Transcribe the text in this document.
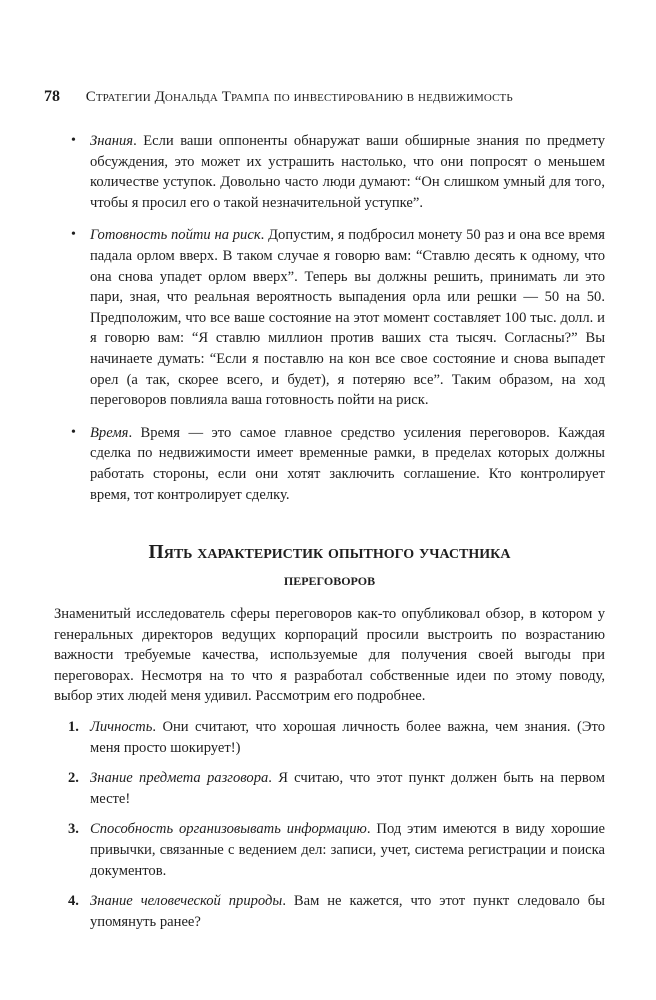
78 Стратегии Дональда Трампа по инвестированию в недвижимость
• Знания. Если ваши оппоненты обнаружат ваши обширные знания по предмету обсуждения, это может их устрашить настолько, что они попросят о меньшем количестве уступок. Довольно часто люди думают: “Он слишком умный для того, чтобы я просил его о такой незначительной уступке”.
• Готовность пойти на риск. Допустим, я подбросил монету 50 раз и она все время падала орлом вверх. В таком случае я говорю вам: “Ставлю десять к одному, что она снова упадет орлом вверх”. Теперь вы должны решить, принимать ли это пари, зная, что реальная вероятность выпадения орла или решки — 50 на 50. Предположим, что все ваше состояние на этот момент составляет 100 тыс. долл. и я говорю вам: “Я ставлю миллион против ваших ста тысяч. Согласны?” Вы начинаете думать: “Если я поставлю на кон все свое состояние и снова выпадет орел (а так, скорее всего, и будет), я потеряю все”. Таким образом, на ход переговоров повлияла ваша готовность пойти на риск.
• Время. Время — это самое главное средство усиления переговоров. Каждая сделка по недвижимости имеет временные рамки, в пределах которых должны работать стороны, если они хотят заключить соглашение. Кто контролирует время, тот контролирует сделку.
Пять характеристик опытного участника
переговоров

Знаменитый исследователь сферы переговоров как-то опубликовал обзор, в котором у генеральных директоров ведущих корпораций просили выстроить по возрастанию важности требуемые качества, используемые для получения своей выгоды при переговорах. Несмотря на то что я разработал собственные идеи по этому поводу, выбор этих людей меня удивил. Рассмотрим его подробнее.

1. Личность. Они считают, что хорошая личность более важна, чем знания. (Это меня просто шокирует!)
2. Знание предмета разговора. Я считаю, что этот пункт должен быть на первом месте!
3. Способность организовывать информацию. Под этим имеются в виду хорошие привычки, связанные с ведением дел: записи, учет, система регистрации и поиска документов.
4. Знание человеческой природы. Вам не кажется, что этот пункт следовало бы упомянуть ранее?
